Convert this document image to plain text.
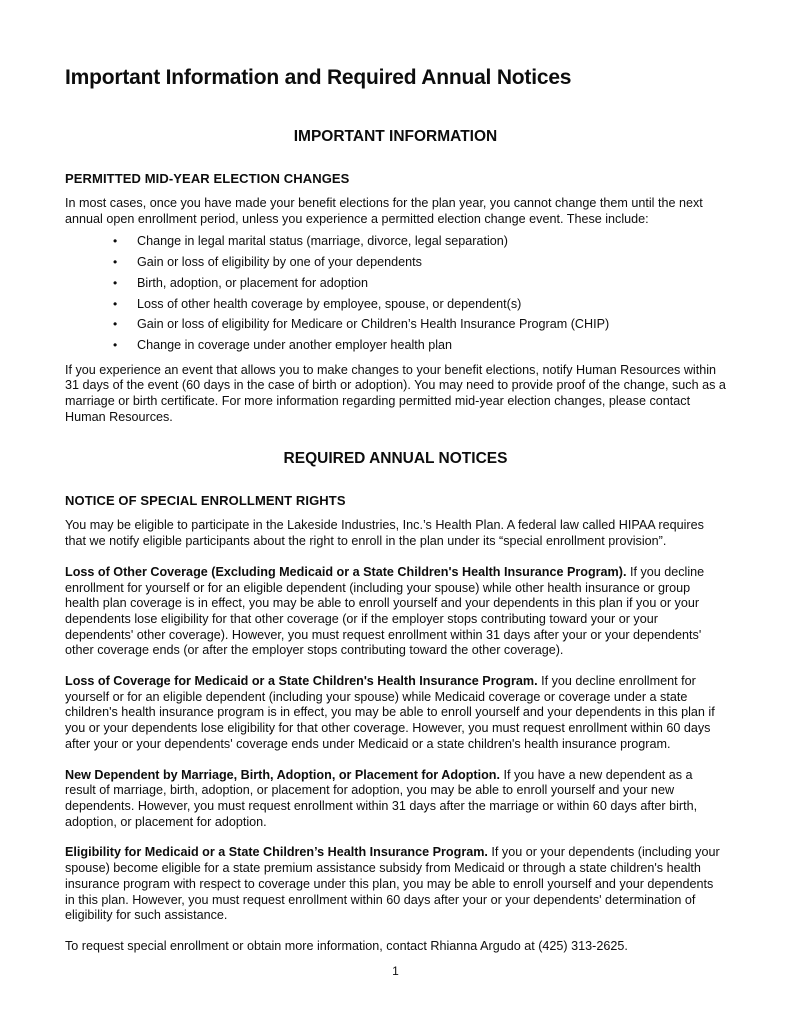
Important Information and Required Annual Notices
IMPORTANT INFORMATION
PERMITTED MID-YEAR ELECTION CHANGES

In most cases, once you have made your benefit elections for the plan year, you cannot change them until the next annual open enrollment period, unless you experience a permitted election change event. These include:

• Change in legal marital status (marriage, divorce, legal separation)
• Gain or loss of eligibility by one of your dependents
• Birth, adoption, or placement for adoption
• Loss of other health coverage by employee, spouse, or dependent(s)
• Gain or loss of eligibility for Medicare or Children’s Health Insurance Program (CHIP)
• Change in coverage under another employer health plan

If you experience an event that allows you to make changes to your benefit elections, notify Human Resources within 31 days of the event (60 days in the case of birth or adoption). You may need to provide proof of the change, such as a marriage or birth certificate. For more information regarding permitted mid-year election changes, please contact Human Resources.

REQUIRED ANNUAL NOTICES
NOTICE OF SPECIAL ENROLLMENT RIGHTS

You may be eligible to participate in the Lakeside Industries, Inc.’s Health Plan. A federal law called HIPAA requires that we notify eligible participants about the right to enroll in the plan under its “special enrollment provision”.

Loss of Other Coverage (Excluding Medicaid or a State Children's Health Insurance Program). If you decline enrollment for yourself or for an eligible dependent (including your spouse) while other health insurance or group health plan coverage is in effect, you may be able to enroll yourself and your dependents in this plan if you or your dependents lose eligibility for that other coverage (or if the employer stops contributing toward your or your dependents' other coverage). However, you must request enrollment within 31 days after your or your dependents' other coverage ends (or after the employer stops contributing toward the other coverage).

Loss of Coverage for Medicaid or a State Children's Health Insurance Program. If you decline enrollment for yourself or for an eligible dependent (including your spouse) while Medicaid coverage or coverage under a state children's health insurance program is in effect, you may be able to enroll yourself and your dependents in this plan if you or your dependents lose eligibility for that other coverage. However, you must request enrollment within 60 days after your or your dependents' coverage ends under Medicaid or a state children's health insurance program.

New Dependent by Marriage, Birth, Adoption, or Placement for Adoption. If you have a new dependent as a result of marriage, birth, adoption, or placement for adoption, you may be able to enroll yourself and your new dependents. However, you must request enrollment within 31 days after the marriage or within 60 days after birth, adoption, or placement for adoption.

Eligibility for Medicaid or a State Children’s Health Insurance Program. If you or your dependents (including your spouse) become eligible for a state premium assistance subsidy from Medicaid or through a state children's health insurance program with respect to coverage under this plan, you may be able to enroll yourself and your dependents in this plan. However, you must request enrollment within 60 days after your or your dependents' determination of eligibility for such assistance.

To request special enrollment or obtain more information, contact Rhianna Argudo at (425) 313-2625.

1
